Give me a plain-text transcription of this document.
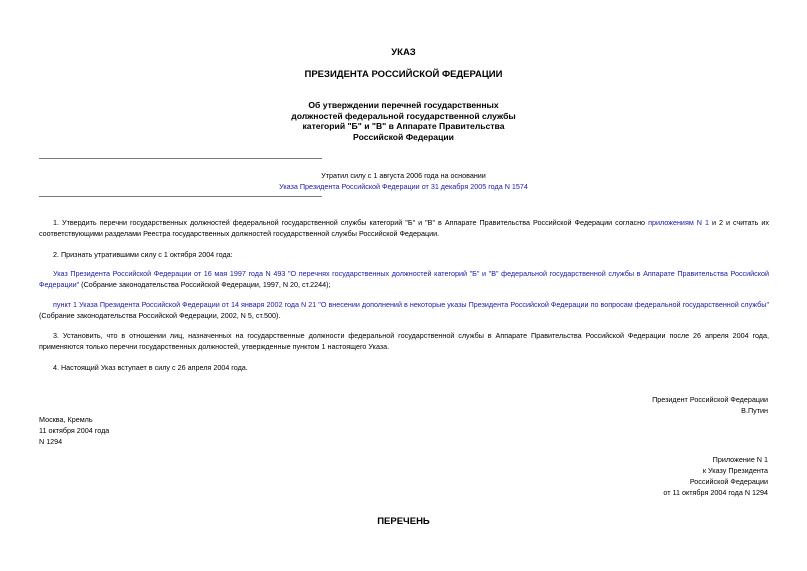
УКАЗ
ПРЕЗИДЕНТА РОССИЙСКОЙ ФЕДЕРАЦИИ
Об утверждении перечней государственных
должностей федеральной государственной службы
категорий "Б" и "В" в Аппарате Правительства
Российской Федерации
Утратил силу с 1 августа 2006 года на основании
Указа Президента Российской Федерации от 31 декабря 2005 года N 1574
1. Утвердить перечни государственных должностей федеральной государственной службы категорий "Б" и "В" в Аппарате Правительства Российской Федерации согласно приложениям N 1 и 2 и считать их соответствующими разделами Реестра государственных должностей государственной службы Российской Федерации.
2. Признать утратившими силу с 1 октября 2004 года:
Указ Президента Российской Федерации от 16 мая 1997 года N 493 "О перечнях государственных должностей категорий "Б" и "В" федеральной государственной службы в Аппарате Правительства Российской Федерации" (Собрание законодательства Российской Федерации, 1997, N 20, ст.2244);
пункт 1 Указа Президента Российской Федерации от 14 января 2002 года N 21 "О внесении дополнений в некоторые указы Президента Российской Федерации по вопросам федеральной государственной службы" (Собрание законодательства Российской Федерации, 2002, N 5, ст.500).
3. Установить, что в отношении лиц, назначенных на государственные должности федеральной государственной службы в Аппарате Правительства Российской Федерации после 26 апреля 2004 года, применяются только перечни государственных должностей, утвержденные пунктом 1 настоящего Указа.
4. Настоящий Указ вступает в силу с 26 апреля 2004 года.
Президент Российской Федерации
В.Путин
Москва, Кремль
11 октября 2004 года
N 1294
Приложение N 1
к Указу Президента
Российской Федерации
от 11 октября 2004 года N 1294
ПЕРЕЧЕНЬ
